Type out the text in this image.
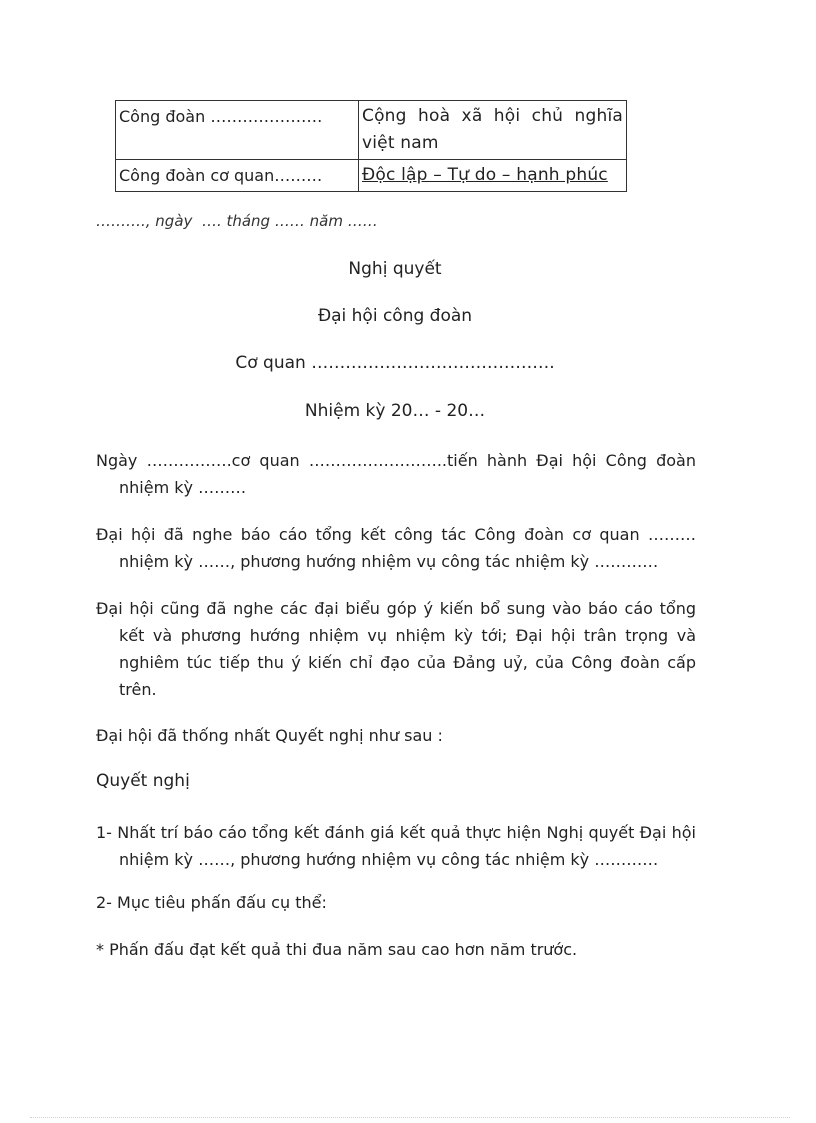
Công đoàn …………………	Cộng hoà xã hội chủ nghĩa việt nam
Công đoàn cơ quan………	Độc lập – Tự do – hạnh phúc
………., ngày  …. tháng …… năm ……
Nghị quyết
Đại hội công đoàn
Cơ quan …………………………………….
Nhiệm kỳ 20… - 20…
Ngày …………….cơ quan ……………………..tiến hành Đại hội Công đoàn nhiệm kỳ ………
Đại hội đã nghe báo cáo tổng kết công tác Công đoàn cơ quan ………nhiệm kỳ ……, phương hướng nhiệm vụ công tác nhiệm kỳ …………
Đại hội cũng đã nghe các đại biểu góp ý kiến bổ sung vào báo cáo tổng kết và phương hướng nhiệm vụ nhiệm kỳ tới; Đại hội trân trọng và nghiêm túc tiếp thu ý kiến chỉ đạo của Đảng uỷ, của Công đoàn cấp trên.
Đại hội đã thống nhất Quyết nghị như sau :
Quyết nghị
1- Nhất trí báo cáo tổng kết đánh giá kết quả thực hiện Nghị quyết Đại hội nhiệm kỳ ……, phương hướng nhiệm vụ công tác nhiệm kỳ …………
2- Mục tiêu phấn đấu cụ thể:
* Phấn đấu đạt kết quả thi đua năm sau cao hơn năm trước.
